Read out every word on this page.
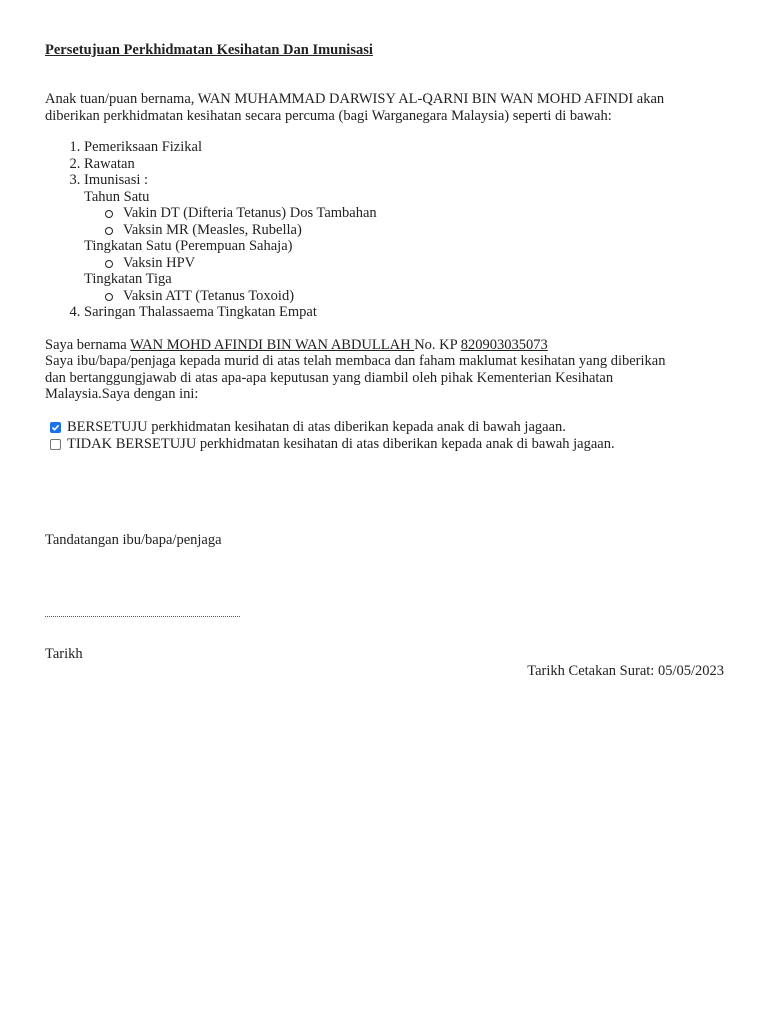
Persetujuan Perkhidmatan Kesihatan Dan Imunisasi
Anak tuan/puan bernama, WAN MUHAMMAD DARWISY AL-QARNI BIN WAN MOHD AFINDI akan
diberikan perkhidmatan kesihatan secara percuma (bagi Warganegara Malaysia) seperti di bawah:
1. Pemeriksaan Fizikal
2. Rawatan
3. Imunisasi :
Tahun Satu
Vakin DT (Difteria Tetanus) Dos Tambahan
Vaksin MR (Measles, Rubella)
Tingkatan Satu (Perempuan Sahaja)
Vaksin HPV
Tingkatan Tiga
Vaksin ATT (Tetanus Toxoid)
4. Saringan Thalassaema Tingkatan Empat
Saya bernama WAN MOHD AFINDI BIN WAN ABDULLAH No. KP 820903035073
Saya ibu/bapa/penjaga kepada murid di atas telah membaca dan faham maklumat kesihatan yang diberikan
dan bertanggungjawab di atas apa-apa keputusan yang diambil oleh pihak Kementerian Kesihatan
Malaysia.Saya dengan ini:
BERSETUJU perkhidmatan kesihatan di atas diberikan kepada anak di bawah jagaan.
TIDAK BERSETUJU perkhidmatan kesihatan di atas diberikan kepada anak di bawah jagaan.
Tandatangan ibu/bapa/penjaga
Tarikh
Tarikh Cetakan Surat: 05/05/2023
